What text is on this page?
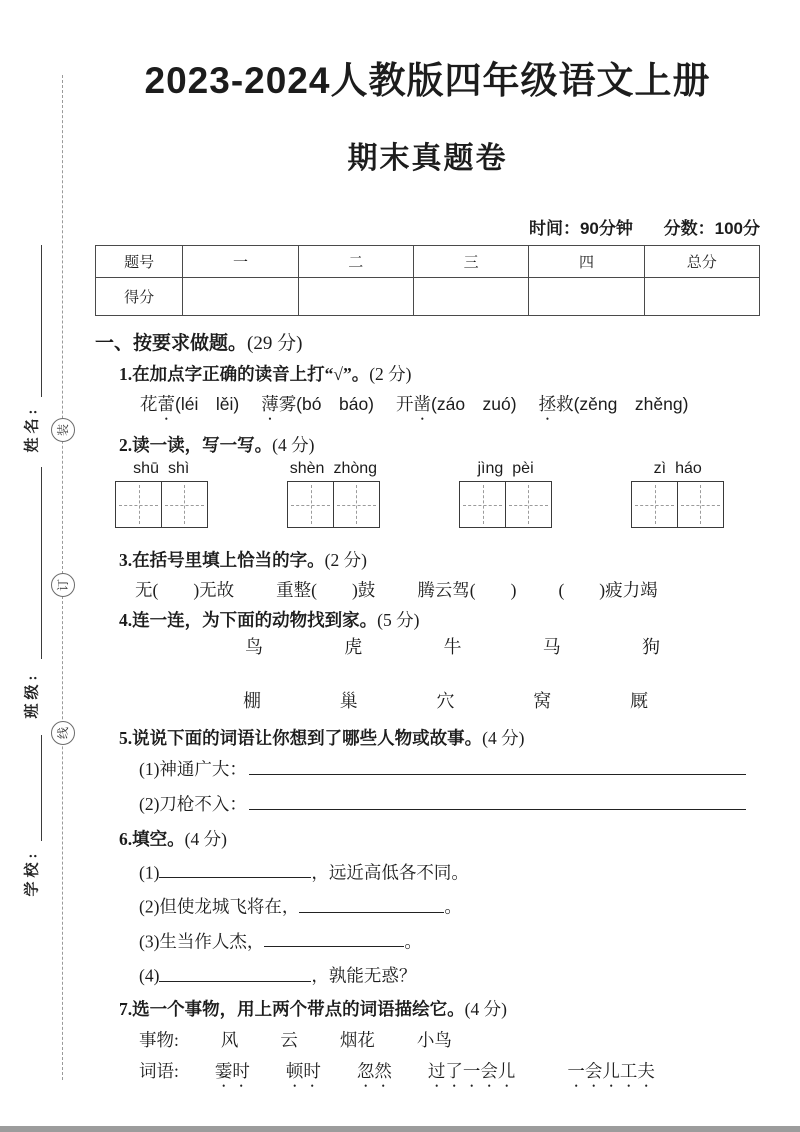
姓名:
班级:
学校:
装
订
线
2023-2024人教版四年级语文上册
期末真题卷
时间：90分钟 分数：100分
题号	一	二	三	四	总分
得分					
一、按要求做题。(29 分)
1.在加点字正确的读音上打“√”。(2 分)
花蕾(léi　lěi) 薄雾(bó　báo) 开凿(záo　zuó) 拯救(zěng　zhěng)
2.读一读，写一写。(4 分)
shū shì	shèn zhòng	jìng pèi	zì háo
3.在括号里填上恰当的字。(2 分)
无(　　)无故 重整(　　)鼓 腾云驾(　　) (　　)疲力竭
4.连一连，为下面的动物找到家。(5 分)
鸟	虎	牛	马	狗
棚	巢	穴	窝	厩
5.说说下面的词语让你想到了哪些人物或故事。(4 分)
(1)神通广大：
(2)刀枪不入：
6.填空。(4 分)
(1)	，远近高低各不同。
(2)但使龙城飞将在，	。
(3)生当作人杰，	。
(4)	，孰能无惑？
7.选一个事物，用上两个带点的词语描绘它。(4 分)
事物: 风 云 烟花 小鸟
词语: 霎时 顿时 忽然 过了一会儿	一会儿工夫
